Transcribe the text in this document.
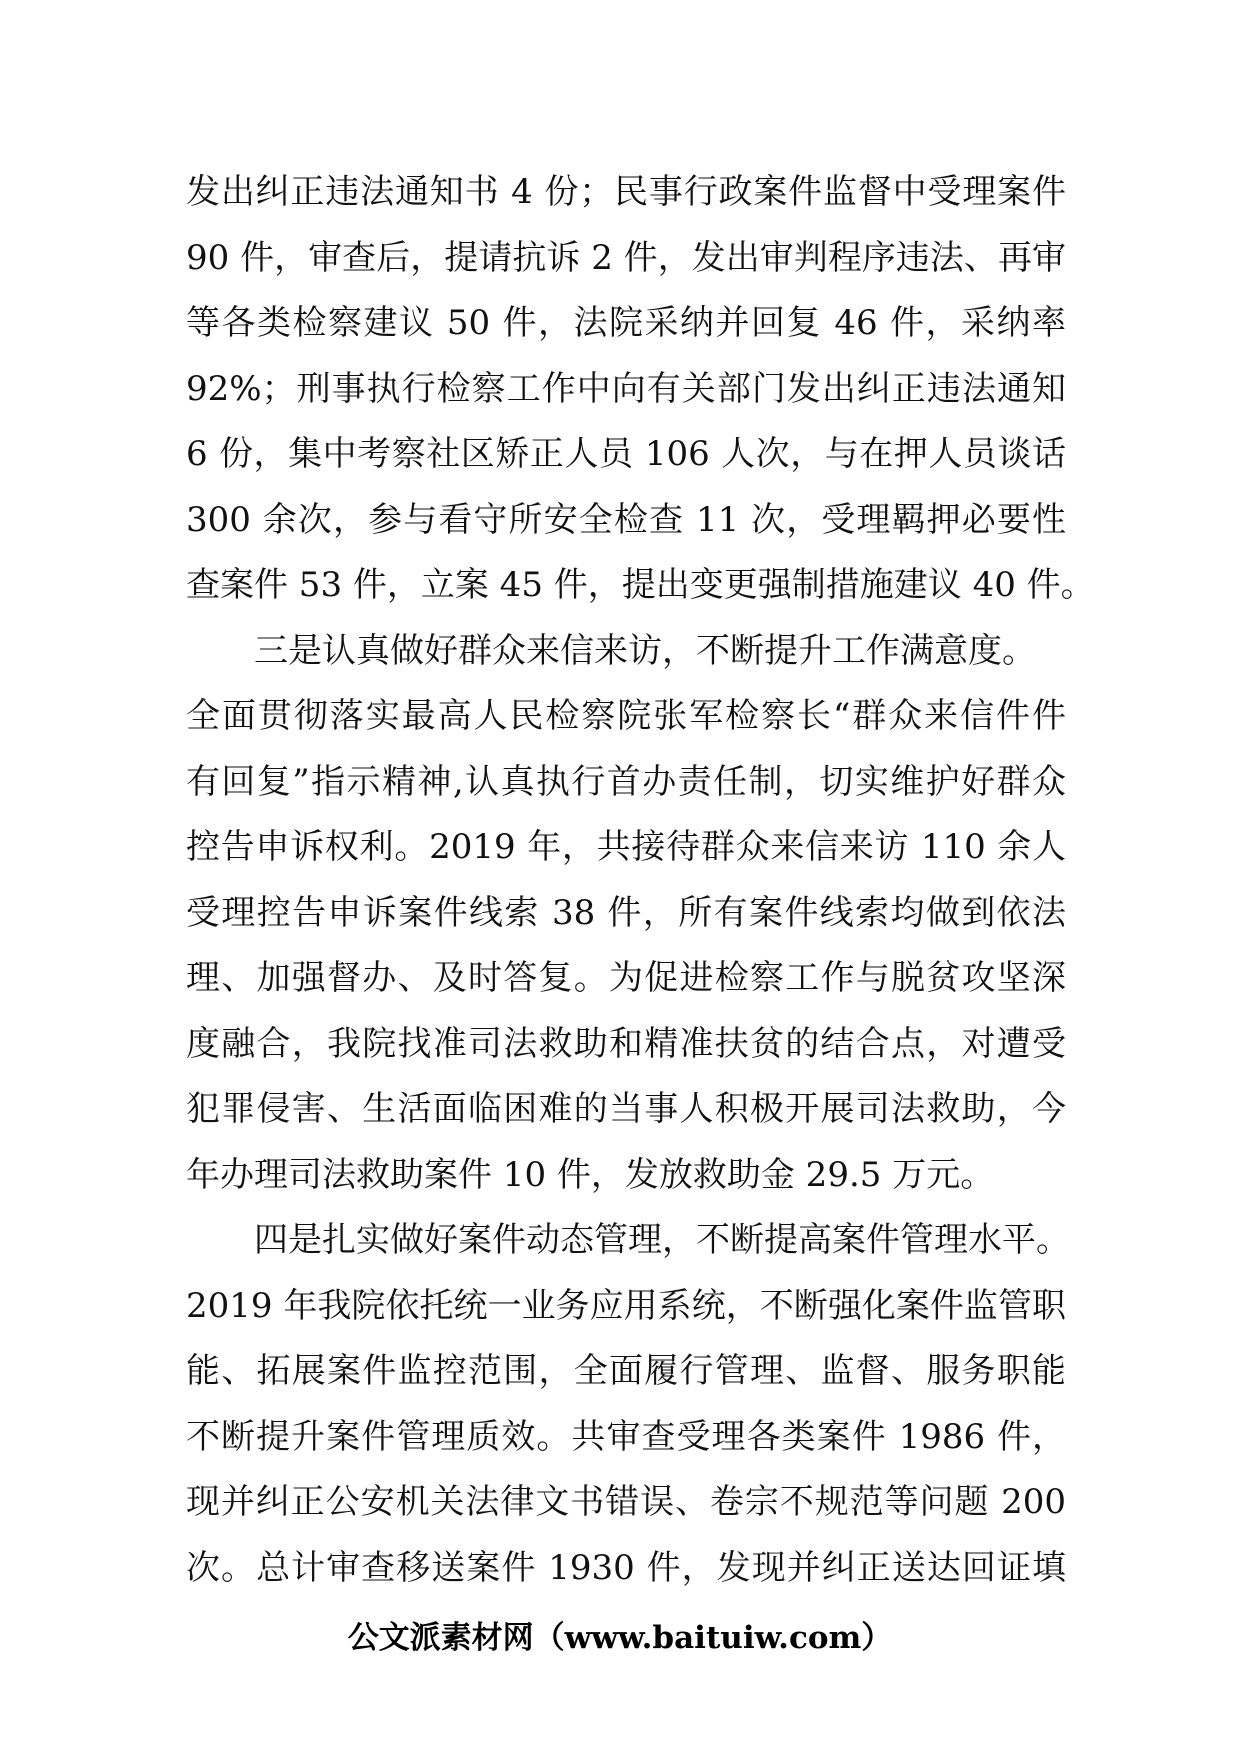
发出纠正违法通知书 4 份；民事行政案件监督中受理案件
90 件，审查后，提请抗诉 2 件，发出审判程序违法、再审
等各类检察建议 50 件，法院采纳并回复 46 件，采纳率
92%；刑事执行检察工作中向有关部门发出纠正违法通知
6 份，集中考察社区矫正人员 106 人次，与在押人员谈话
300 余次，参与看守所安全检查 11 次，受理羁押必要性
查案件 53 件，立案 45 件，提出变更强制措施建议 40 件。
三是认真做好群众来信来访，不断提升工作满意度。
全面贯彻落实最高人民检察院张军检察长“群众来信件件
有回复”指示精神,认真执行首办责任制，切实维护好群众
控告申诉权利。2019 年，共接待群众来信来访 110 余人
受理控告申诉案件线索 38 件，所有案件线索均做到依法
理、加强督办、及时答复。为促进检察工作与脱贫攻坚深
度融合，我院找准司法救助和精准扶贫的结合点，对遭受
犯罪侵害、生活面临困难的当事人积极开展司法救助，今
年办理司法救助案件 10 件，发放救助金 29.5 万元。
四是扎实做好案件动态管理，不断提高案件管理水平。
2019 年我院依托统一业务应用系统，不断强化案件监管职
能、拓展案件监控范围，全面履行管理、监督、服务职能
不断提升案件管理质效。共审查受理各类案件 1986 件，
现并纠正公安机关法律文书错误、卷宗不规范等问题 200
次。总计审查移送案件 1930 件，发现并纠正送达回证填
公文派素材网（www.baituiw.com）
